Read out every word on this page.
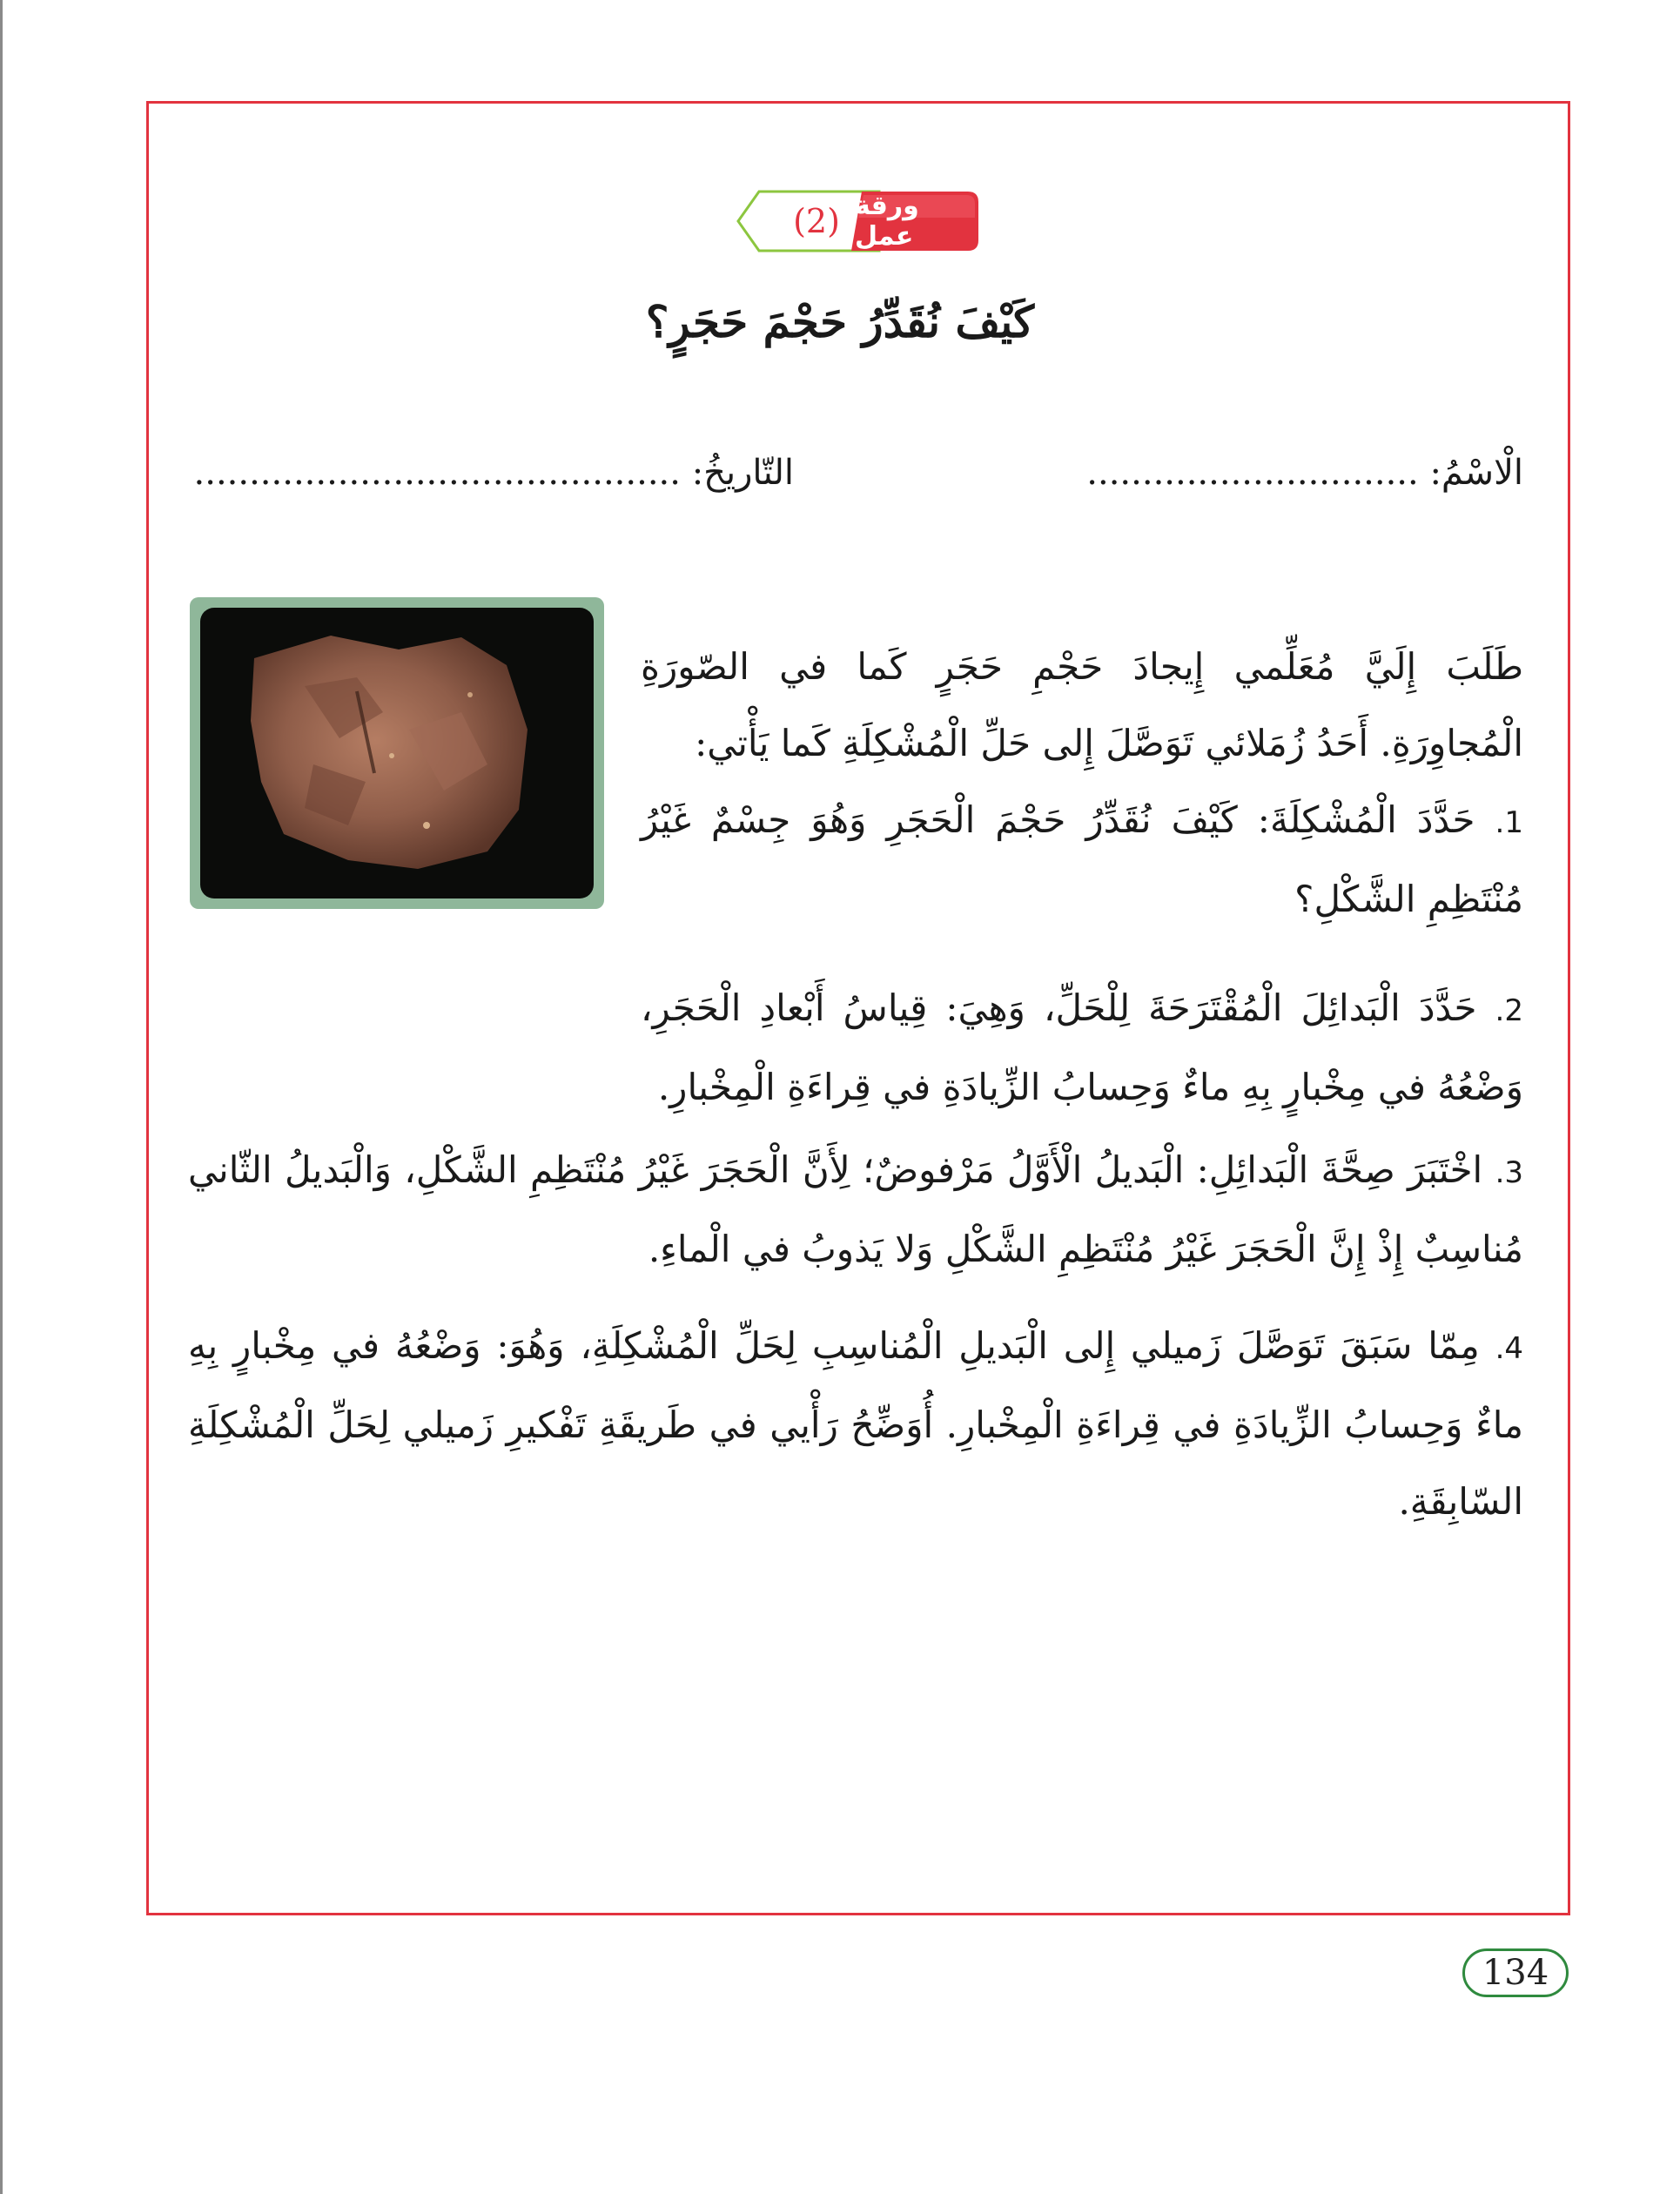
(2) ورقة عمل
كَيْفَ نُقَدِّرُ حَجْمَ حَجَرٍ؟
الْاسْمُ: ..............................
التّاريخُ: ............................................
طَلَبَ إِلَيَّ مُعَلِّمي إِيجادَ حَجْمِ حَجَرٍ كَما في الصّورَةِ الْمُجاوِرَةِ. أَحَدُ زُمَلائي تَوَصَّلَ إِلى حَلِّ الْمُشْكِلَةِ كَما يَأْتي:
1. حَدَّدَ الْمُشْكِلَةَ: كَيْفَ نُقَدِّرُ حَجْمَ الْحَجَرِ وَهُوَ جِسْمٌ غَيْرُ مُنْتَظِمِ الشَّكْلِ؟
2. حَدَّدَ الْبَدائِلَ الْمُقْتَرَحَةَ لِلْحَلِّ، وَهِيَ: قِياسُ أَبْعادِ الْحَجَرِ، وَضْعُهُ في مِخْبارٍ بِهِ ماءٌ وَحِسابُ الزِّيادَةِ في قِراءَةِ الْمِخْبارِ.
3. اخْتَبَرَ صِحَّةَ الْبَدائِلِ: الْبَديلُ الْأَوَّلُ مَرْفوضٌ؛ لِأَنَّ الْحَجَرَ غَيْرُ مُنْتَظِمِ الشَّكْلِ، وَالْبَديلُ الثّاني مُناسِبٌ إِذْ إِنَّ الْحَجَرَ غَيْرُ مُنْتَظِمِ الشَّكْلِ وَلا يَذوبُ في الْماءِ.
4. مِمّا سَبَقَ تَوَصَّلَ زَميلي إِلى الْبَديلِ الْمُناسِبِ لِحَلِّ الْمُشْكِلَةِ، وَهُوَ: وَضْعُهُ في مِخْبارٍ بِهِ ماءٌ وَحِسابُ الزِّيادَةِ في قِراءَةِ الْمِخْبارِ. أُوَضِّحُ رَأْيي في طَريقَةِ تَفْكيرِ زَميلي لِحَلِّ الْمُشْكِلَةِ السّابِقَةِ.
134
